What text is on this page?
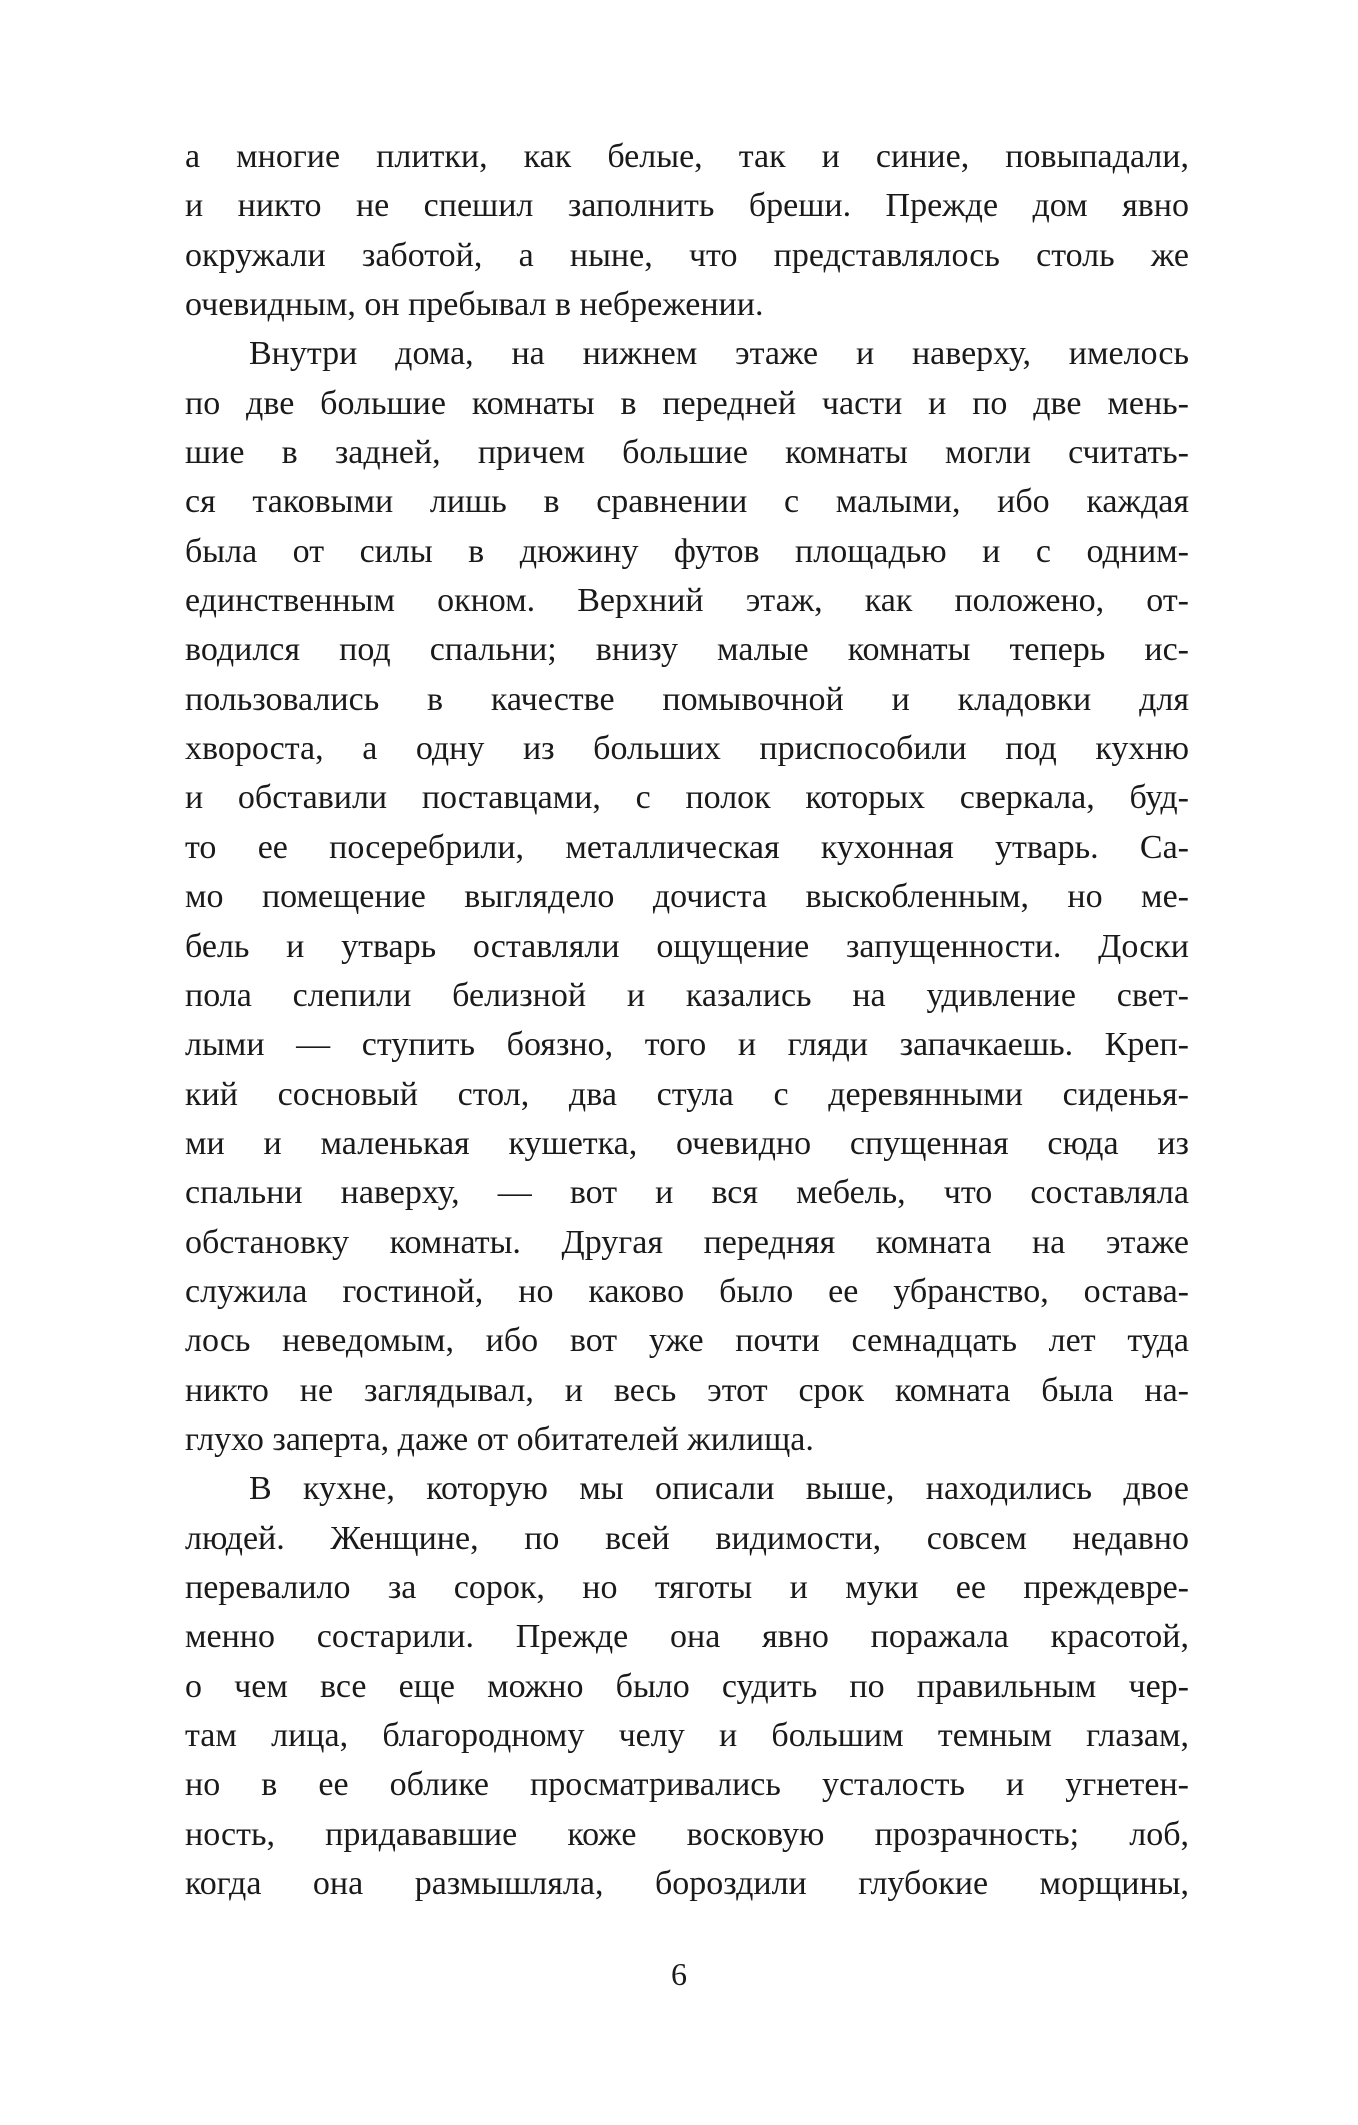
а многие плитки, как белые, так и синие, повыпадали,
и никто не спешил заполнить бреши. Прежде дом явно
окружали заботой, а ныне, что представлялось столь же
очевидным, он пребывал в небрежении.
Внутри дома, на нижнем этаже и наверху, имелось
по две большие комнаты в передней части и по две мень-
шие в задней, причем большие комнаты могли считать-
ся таковыми лишь в сравнении с малыми, ибо каждая
была от силы в дюжину футов площадью и с одним-
единственным окном. Верхний этаж, как положено, от-
водился под спальни; внизу малые комнаты теперь ис-
пользовались в качестве помывочной и кладовки для
хвороста, а одну из больших приспособили под кухню
и обставили поставцами, с полок которых сверкала, буд-
то ее посеребрили, металлическая кухонная утварь. Са-
мо помещение выглядело дочиста выскобленным, но ме-
бель и утварь оставляли ощущение запущенности. Доски
пола слепили белизной и казались на удивление свет-
лыми — ступить боязно, того и гляди запачкаешь. Креп-
кий сосновый стол, два стула с деревянными сиденья-
ми и маленькая кушетка, очевидно спущенная сюда из
спальни наверху, — вот и вся мебель, что составляла
обстановку комнаты. Другая передняя комната на этаже
служила гостиной, но каково было ее убранство, остава-
лось неведомым, ибо вот уже почти семнадцать лет туда
никто не заглядывал, и весь этот срок комната была на-
глухо заперта, даже от обитателей жилища.
В кухне, которую мы описали выше, находились двое
людей. Женщине, по всей видимости, совсем недавно
перевалило за сорок, но тяготы и муки ее преждевре-
менно состарили. Прежде она явно поражала красотой,
о чем все еще можно было судить по правильным чер-
там лица, благородному челу и большим темным глазам,
но в ее облике просматривались усталость и угнетен-
ность, придававшие коже восковую прозрачность; лоб,
когда она размышляла, бороздили глубокие морщины,
6
